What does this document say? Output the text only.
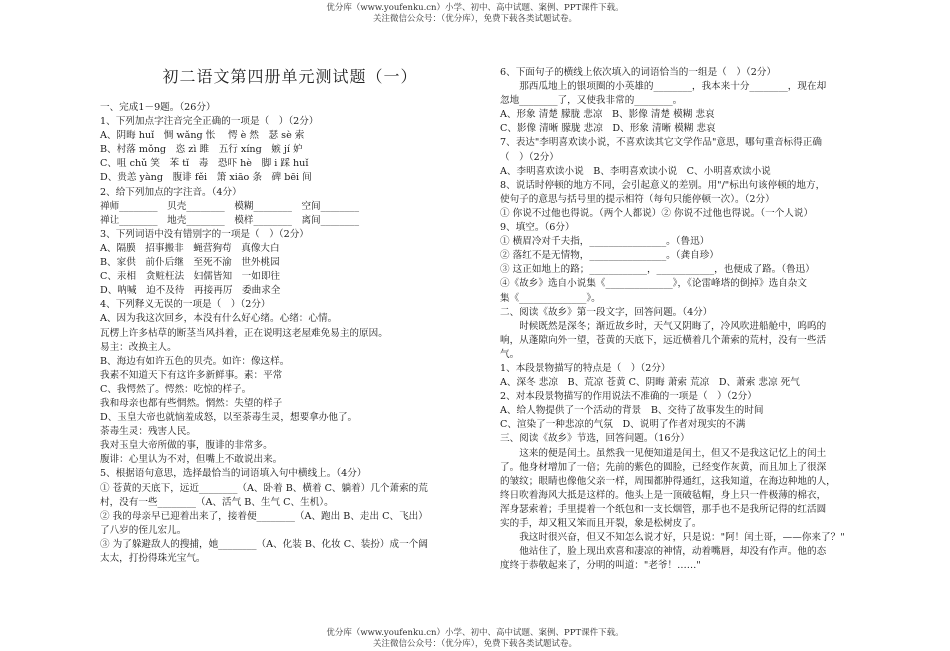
优分库（www.youfenku.cn）小学、初中、高中试题、案例、PPT课件下载。
关注微信公众号：（优分库），免费下载各类试题试卷。
初二语文第四册单元测试题（一）

一、完成1－9题。（26分）

1、下列加点字注音完全正确的一项是（　）（2分）

A、阴晦 huǐ　惆 wǎng 怅 　愕 è 然　瑟 sè 索

B、村落 mǒng　恣 zì 雎　五行 xíng　嫉 jí 妒

C、咀 chǔ 笑　苯 tǐ　毒　恐吓 hè　脚 i 踩 huǐ

D、贵恙 yàng　腹诽 fěi　箫 xiāo 条　碑 bēi 间

2、给下列加点的字注音。（4分）

禅师________　贝壳________　模糊________　空间________

禅让________　地壳________　模样________　离间________

3、下列词语中没有错别字的一项是（　）（2分）

A、隔膜　招事搬非　蝇营狗苟　真像大白

B、家供　前仆后继　至死不渝　世外桃园

C、汞相　贪赃枉法　妇儒皆知　一如即往

D、呐喊　迫不及待　再接再厉　委曲求全

4、下列释义无误的一项是（　）（2分）

A、因为我这次回乡，本没有什么好心绪。心绪：心情。

瓦楞上许多枯草的断茎当风抖着，正在说明这老屋难免易主的原因。

易主：改换主人。

B、海边有如许五色的贝壳。如许：像这样。

我素不知道天下有这许多新鲜事。素：平常

C、我愕然了。愕然：吃惊的样子。

我和母亲也都有些惘然。惘然：失望的样子

D、玉皇大帝也就恼羞成怒，以至荼毒生灵，想要拿办他了。

荼毒生灵：残害人民。

我对玉皇大帝所做的事，腹诽的非常多。

腹诽：心里认为不对，但嘴上不敢说出来。

5、根据语句意思，选择最恰当的词语填入句中横线上。（4分）

① 苍黄的天底下，远近________（A、卧着 B、横着 C、躺着）几个萧索的荒

村，没有一些________（A、活气 B、生气 C、生机）。

② 我的母亲早已迎着出来了，接着便________（A、跑出 B、走出 C、飞出）

了八岁的侄儿宏儿。

③ 为了躲避敌人的搜捕，她________（A、化装 B、化妆 C、装扮）成一个阔

太太，打扮得珠光宝气。

6、下面句子的横线上依次填入的词语恰当的一组是（　）（2分）

那西瓜地上的银项圈的小英雄的________，我本来十分________，现在却

忽地________了，又使我非常的________。

A、形象 清楚 朦胧 悲凉　B、影像 清楚 模糊 悲哀

C、影像 清晰 朦胧 悲凉　D、形象 清晰 模糊 悲哀

7、表达"李明喜欢读小说，不喜欢读其它文学作品"意思，哪句重音标得正确

（　）（2分）

A、李明喜欢读小说　B、李明喜欢读小说　C、小明喜欢读小说

8、说话时停顿的地方不同，会引起意义的差别。用"/"标出句该停顿的地方，

使句子的意思与括号里的提示相符（每句只能停顿一次）。（2分）

① 你说不过他也得说。（两个人都说）② 你说不过他也得说。（一个人说）

9、填空。（6分）

① 横眉冷对千夫指，________________。（鲁迅）

② 落红不是无情物，________________。（龚自珍）

③ 这正如地上的路；____________，____________，也便成了路。（鲁迅）

④《故乡》选自小说集《______________》，《论雷峰塔的倒掉》选自杂文

集《______________》。

二、阅读《故乡》第一段文字，回答问题。（4分）

时候既然是深冬；渐近故乡时，天气又阴晦了，冷风吹进船舱中，呜呜的

响，从蓬隙向外一望，苍黄的天底下，远近横着几个萧索的荒村，没有一些活

气。

1、本段景物描写的特点是（　）（2分）

A、深冬 悲凉　B、荒凉 苍黄 C、阴晦 萧索 荒凉　D、萧索 悲凉 死气

2、对本段景物描写的作用说法不准确的一项是（　）（2分）

A、给人物提供了一个活动的背景　B、交待了故事发生的时间

C、渲染了一种悲凉的气氛　D、说明了作者对现实的不满

三、阅读《故乡》节选，回答问题。（16分）

这来的便是闰土。虽然我一见便知道是闰土，但又不是我这记忆上的闰土

了。他身材增加了一倍；先前的紫色的圆脸，已经变作灰黄，而且加上了很深

的皱纹；眼睛也像他父亲一样，周围都肿得通红，这我知道，在海边种地的人，

终日吹着海风大抵是这样的。他头上是一顶破毡帽，身上只一件极薄的棉衣，

浑身瑟索着；手里提着一个纸包和一支长烟管，那手也不是我所记得的红活圆

实的手，却又粗又笨而且开裂，象是松树皮了。

我这时很兴奋，但又不知怎么说才好，只是说："阿！闰土哥，——你来了？"

他站住了，脸上现出欢喜和凄凉的神情，动着嘴唇，却没有作声。他的态

度终于恭敬起来了，分明的叫道："老爷！……"

优分库（www.youfenku.cn）小学、初中、高中试题、案例、PPT课件下载。
关注微信公众号：（优分库），免费下载各类试题试卷。
